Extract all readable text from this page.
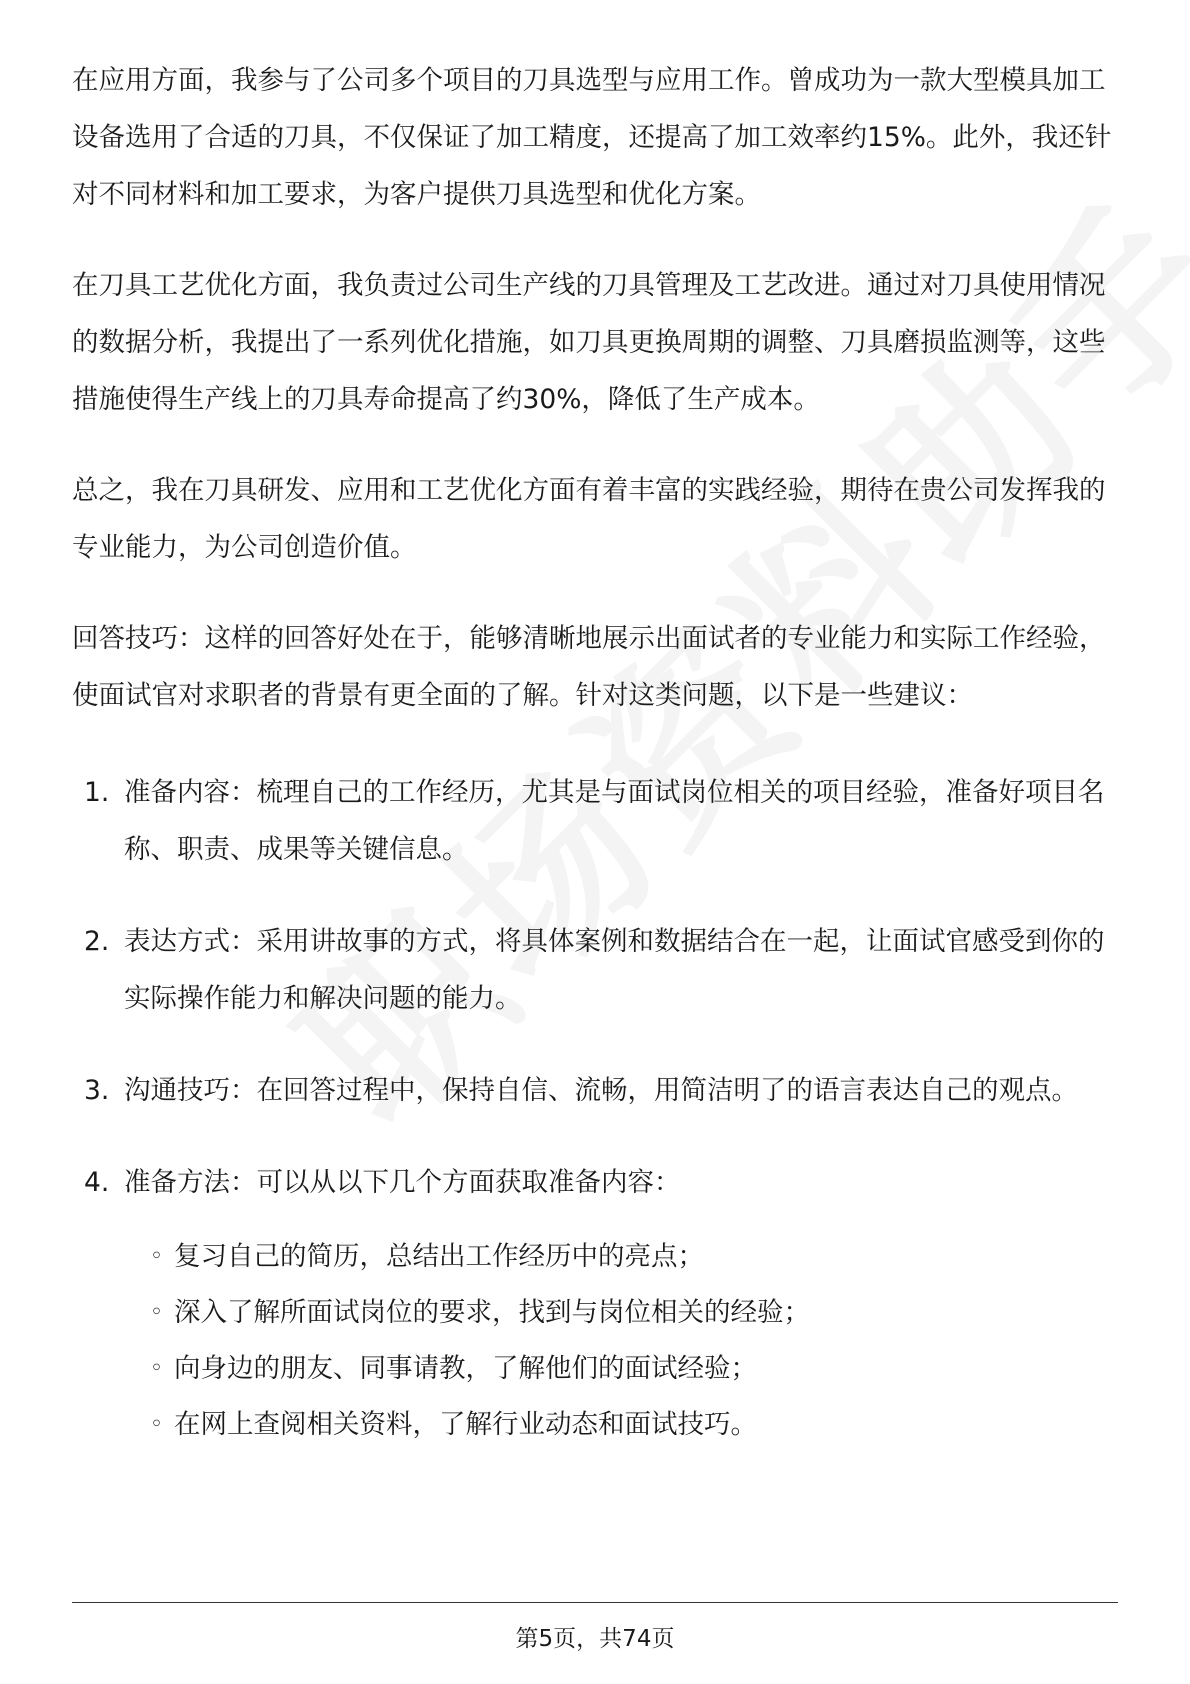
在应用方面，我参与了公司多个项目的刀具选型与应用工作。曾成功为一款大型模具加工设备选用了合适的刀具，不仅保证了加工精度，还提高了加工效率约15%。此外，我还针对不同材料和加工要求，为客户提供刀具选型和优化方案。

在刀具工艺优化方面，我负责过公司生产线的刀具管理及工艺改进。通过对刀具使用情况的数据分析，我提出了一系列优化措施，如刀具更换周期的调整、刀具磨损监测等，这些措施使得生产线上的刀具寿命提高了约30%，降低了生产成本。

总之，我在刀具研发、应用和工艺优化方面有着丰富的实践经验，期待在贵公司发挥我的专业能力，为公司创造价值。

回答技巧：这样的回答好处在于，能够清晰地展示出面试者的专业能力和实际工作经验，使面试官对求职者的背景有更全面的了解。针对这类问题，以下是一些建议：

1. 准备内容：梳理自己的工作经历，尤其是与面试岗位相关的项目经验，准备好项目名称、职责、成果等关键信息。
2. 表达方式：采用讲故事的方式，将具体案例和数据结合在一起，让面试官感受到你的实际操作能力和解决问题的能力。
3. 沟通技巧：在回答过程中，保持自信、流畅，用简洁明了的语言表达自己的观点。
4. 准备方法：可以从以下几个方面获取准备内容：
◦ 复习自己的简历，总结出工作经历中的亮点；
◦ 深入了解所面试岗位的要求，找到与岗位相关的经验；
◦ 向身边的朋友、同事请教，了解他们的面试经验；
◦ 在网上查阅相关资料，了解行业动态和面试技巧。
第5页，共74页
